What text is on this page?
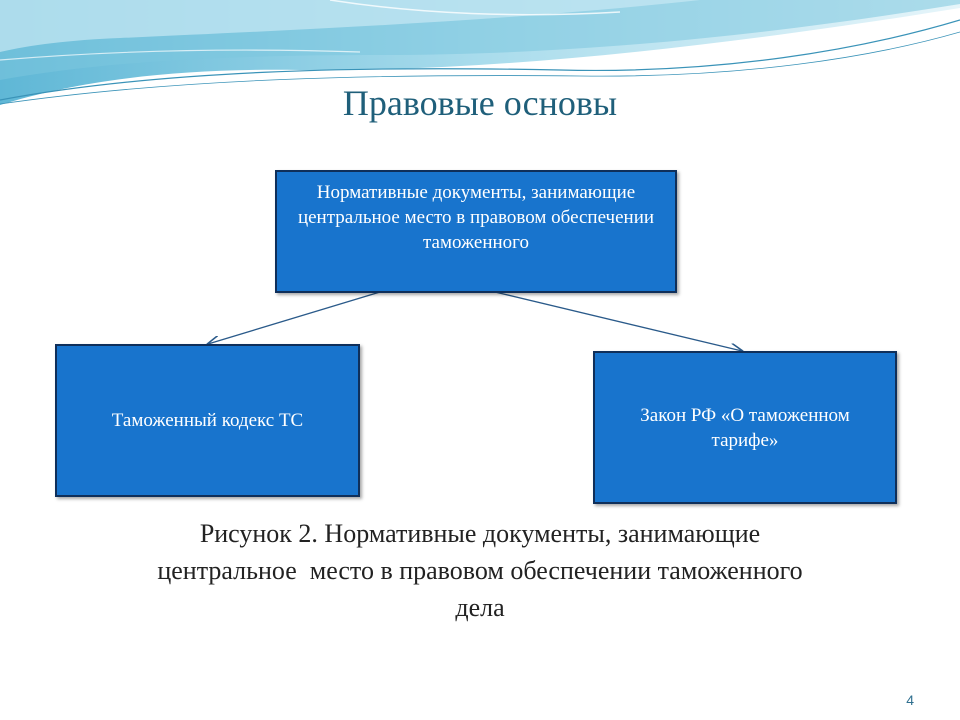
Правовые основы
Нормативные документы, занимающие центральное место в правовом обеспечении таможенного
Таможенный кодекс ТС	Закон РФ «О таможенном тарифе»
Рисунок 2. Нормативные документы, занимающие
центральное  место в правовом обеспечении таможенного
дела
4
